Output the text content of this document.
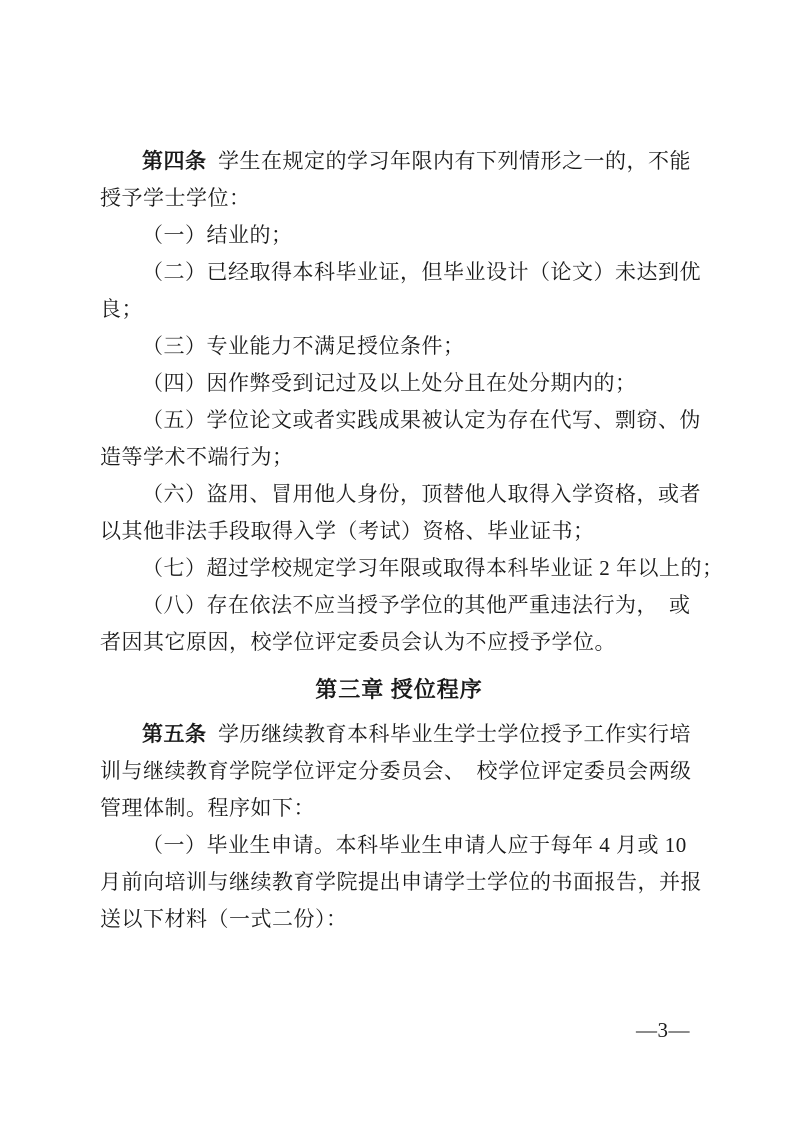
第四条 学生在规定的学习年限内有下列情形之一的，不能
授予学士学位：
（一）结业的；
（二）已经取得本科毕业证，但毕业设计（论文）未达到优
良；
（三）专业能力不满足授位条件；
（四）因作弊受到记过及以上处分且在处分期内的；
（五）学位论文或者实践成果被认定为存在代写、剽窃、伪
造等学术不端行为；
（六）盗用、冒用他人身份，顶替他人取得入学资格，或者
以其他非法手段取得入学（考试）资格、毕业证书；
（七）超过学校规定学习年限或取得本科毕业证 2 年以上的；
（八）存在依法不应当授予学位的其他严重违法行为，　或
者因其它原因，校学位评定委员会认为不应授予学位。
第三章 授位程序
第五条 学历继续教育本科毕业生学士学位授予工作实行培
训与继续教育学院学位评定分委员会、　校学位评定委员会两级
管理体制。程序如下：
（一）毕业生申请。本科毕业生申请人应于每年 4 月或 10
月前向培训与继续教育学院提出申请学士学位的书面报告，并报
送以下材料（一式二份）：
—3—
